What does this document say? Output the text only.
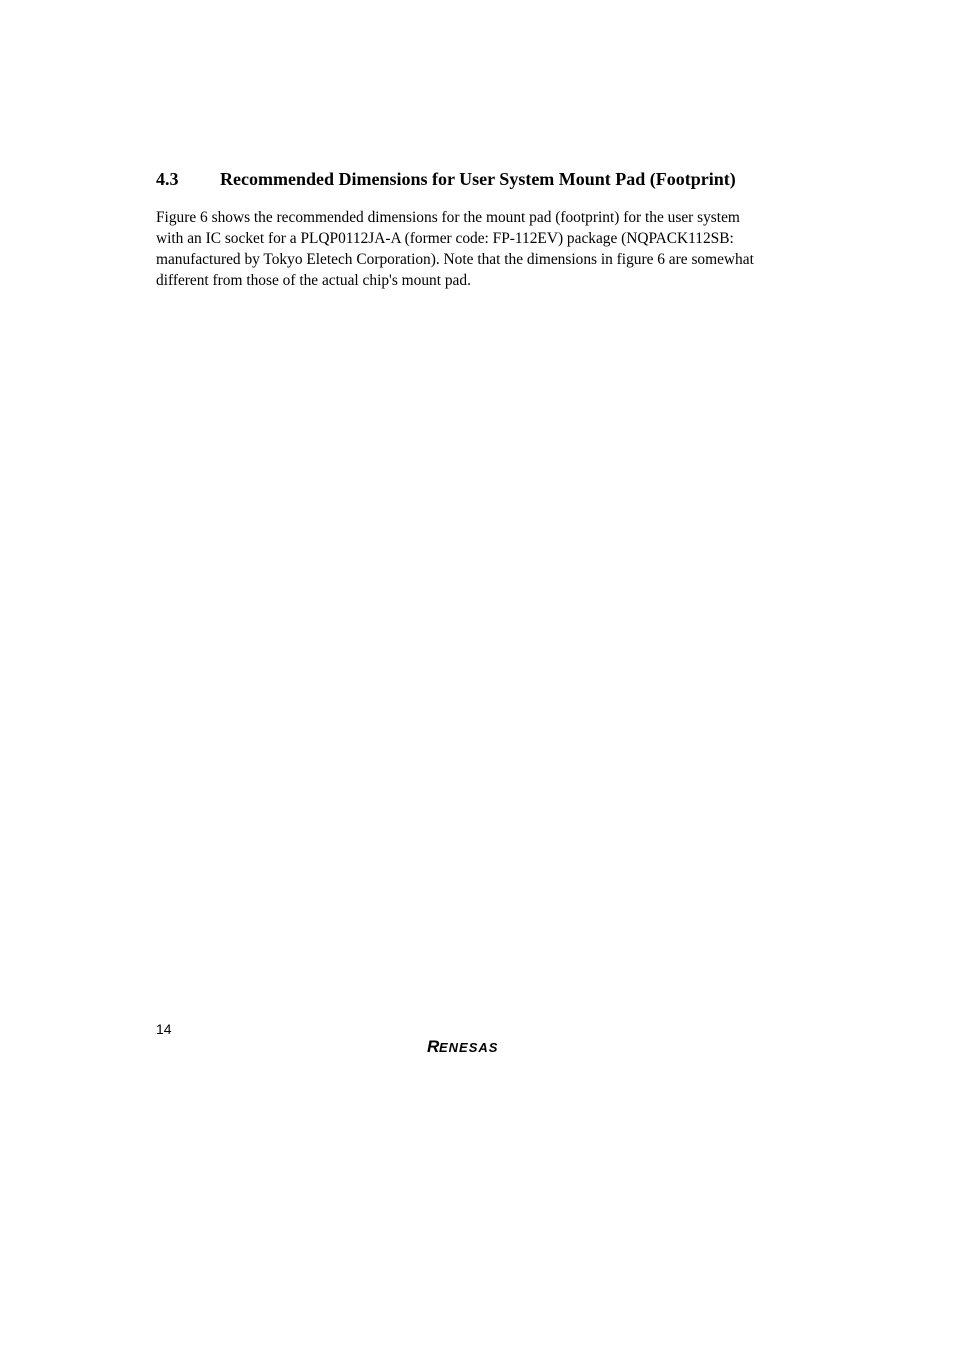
4.3 Recommended Dimensions for User System Mount Pad (Footprint)
Figure 6 shows the recommended dimensions for the mount pad (footprint) for the user system
with an IC socket for a PLQP0112JA-A (former code: FP-112EV) package (NQPACK112SB:
manufactured by Tokyo Eletech Corporation). Note that the dimensions in figure 6 are somewhat
different from those of the actual chip's mount pad.
14
R ENESAS
